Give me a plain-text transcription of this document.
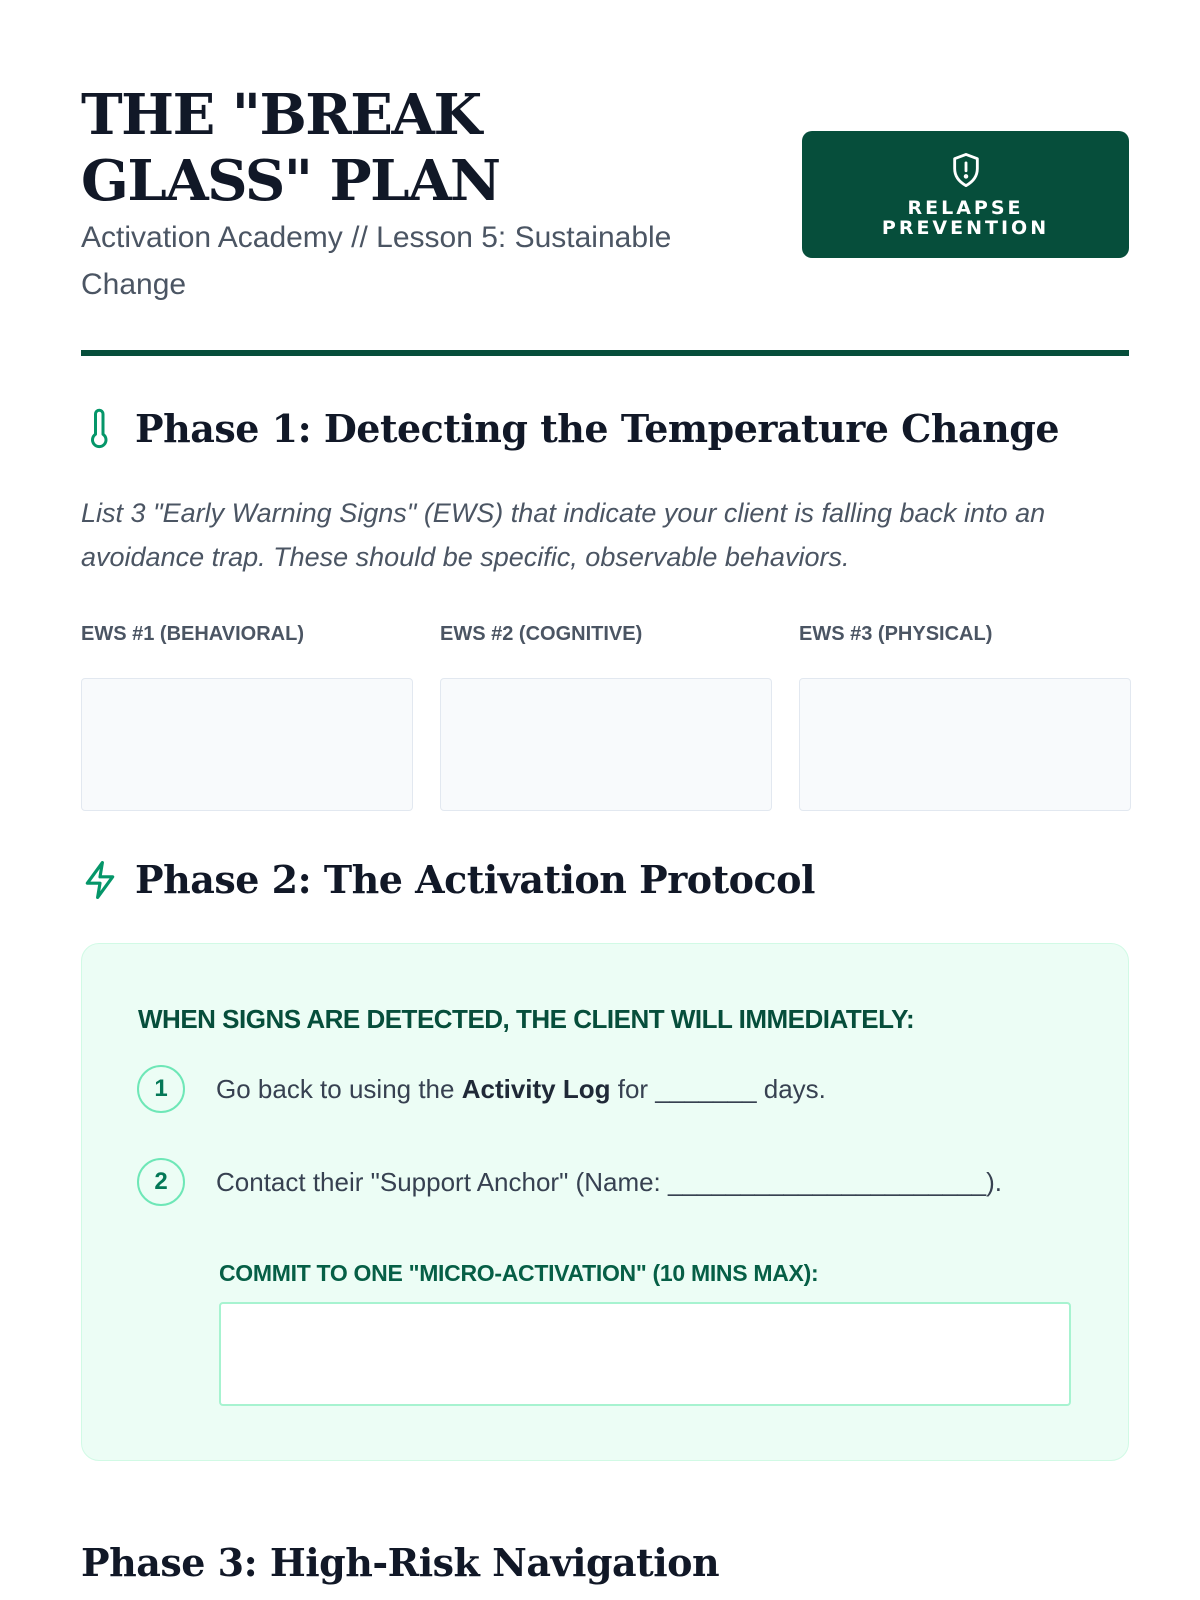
THE "BREAK GLASS" PLAN
Activation Academy // Lesson 5: Sustainable Change
RELAPSE PREVENTION
Phase 1: Detecting the Temperature Change
List 3 "Early Warning Signs" (EWS) that indicate your client is falling back into an avoidance trap. These should be specific, observable behaviors.
EWS #1 (BEHAVIORAL)	EWS #2 (COGNITIVE)	EWS #3 (PHYSICAL)
Phase 2: The Activation Protocol
WHEN SIGNS ARE DETECTED, THE CLIENT WILL IMMEDIATELY:
1	Go back to using the Activity Log for _______ days.
2	Contact their "Support Anchor" (Name: ______________________).
COMMIT TO ONE "MICRO-ACTIVATION" (10 MINS MAX):
Phase 3: High-Risk Navigation
